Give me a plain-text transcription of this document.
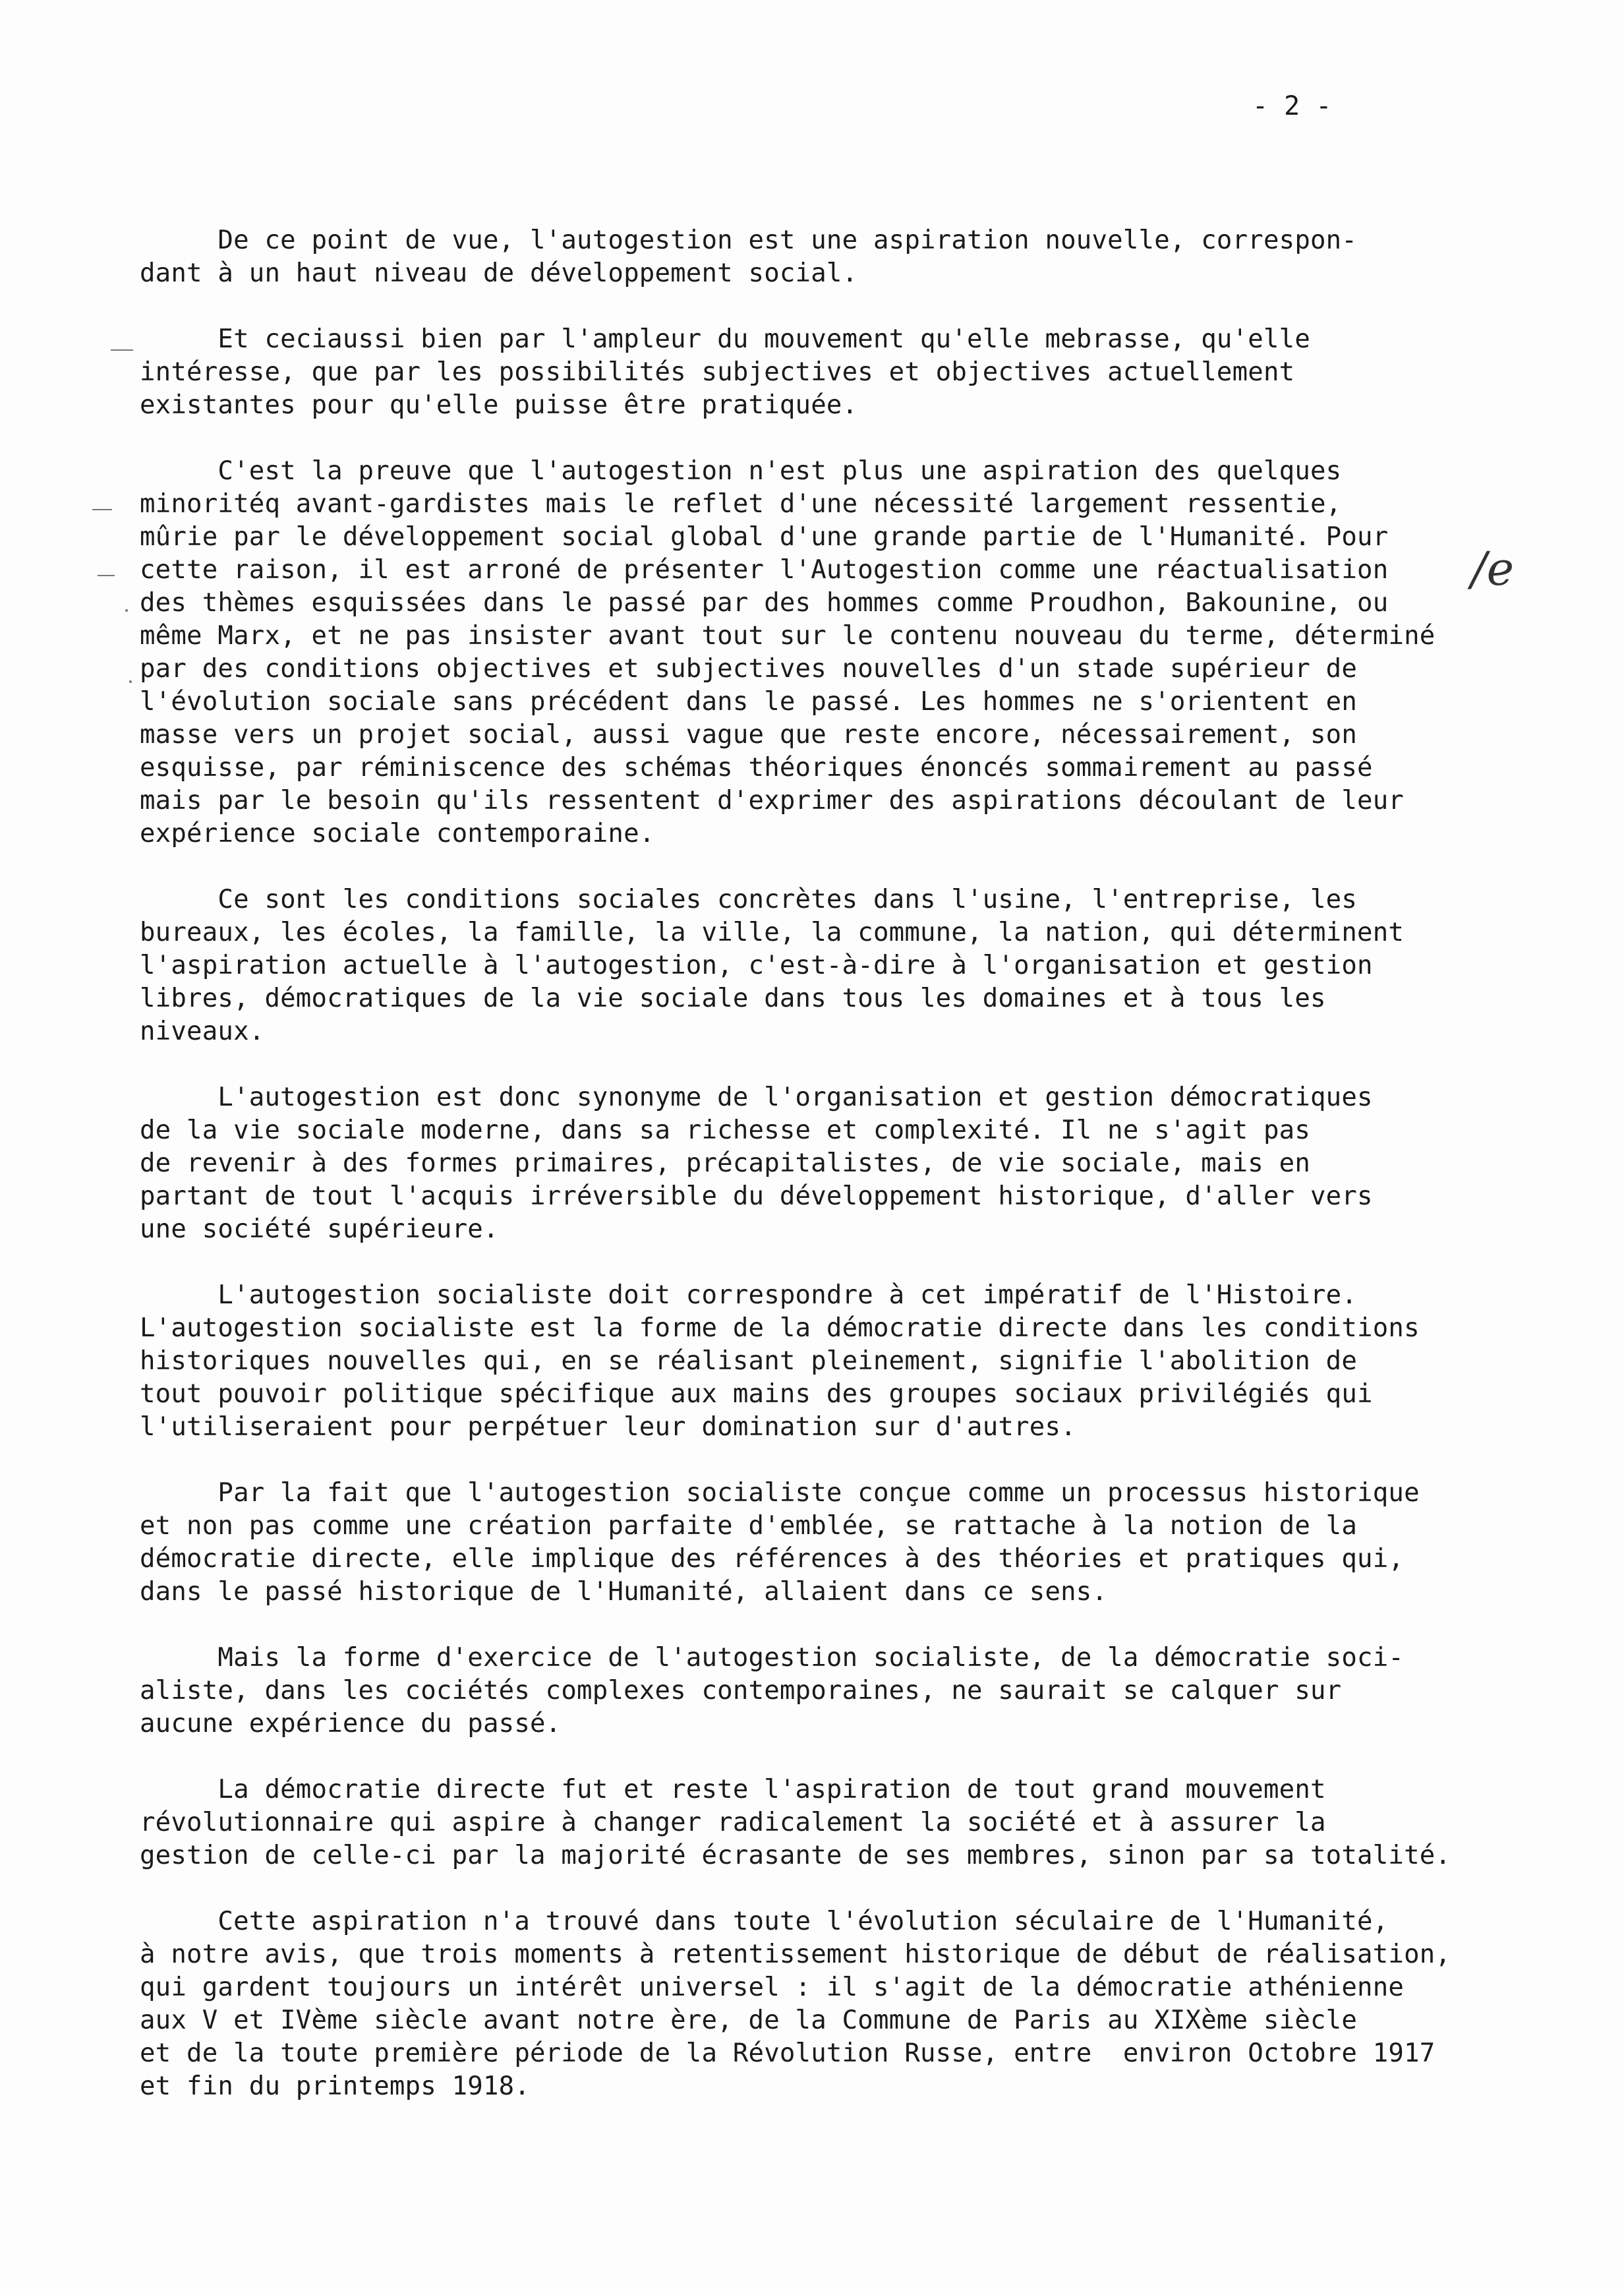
- 2 -
/e
De ce point de vue, l'autogestion est une aspiration nouvelle, correspon-
dant à un haut niveau de développement social.
Et ceciaussi bien par l'ampleur du mouvement qu'elle mebrasse, qu'elle
intéresse, que par les possibilités subjectives et objectives actuellement
existantes pour qu'elle puisse être pratiquée.
C'est la preuve que l'autogestion n'est plus une aspiration des quelques
minoritéq avant-gardistes mais le reflet d'une nécessité largement ressentie,
mûrie par le développement social global d'une grande partie de l'Humanité. Pour
cette raison, il est arroné de présenter l'Autogestion comme une réactualisation
des thèmes esquissées dans le passé par des hommes comme Proudhon, Bakounine, ou
même Marx, et ne pas insister avant tout sur le contenu nouveau du terme, déterminé
par des conditions objectives et subjectives nouvelles d'un stade supérieur de
l'évolution sociale sans précédent dans le passé. Les hommes ne s'orientent en
masse vers un projet social, aussi vague que reste encore, nécessairement, son
esquisse, par réminiscence des schémas théoriques énoncés sommairement au passé
mais par le besoin qu'ils ressentent d'exprimer des aspirations découlant de leur
expérience sociale contemporaine.
Ce sont les conditions sociales concrètes dans l'usine, l'entreprise, les
bureaux, les écoles, la famille, la ville, la commune, la nation, qui déterminent
l'aspiration actuelle à l'autogestion, c'est-à-dire à l'organisation et gestion
libres, démocratiques de la vie sociale dans tous les domaines et à tous les
niveaux.
L'autogestion est donc synonyme de l'organisation et gestion démocratiques
de la vie sociale moderne, dans sa richesse et complexité. Il ne s'agit pas
de revenir à des formes primaires, précapitalistes, de vie sociale, mais en
partant de tout l'acquis irréversible du développement historique, d'aller vers
une société supérieure.
L'autogestion socialiste doit correspondre à cet impératif de l'Histoire.
L'autogestion socialiste est la forme de la démocratie directe dans les conditions
historiques nouvelles qui, en se réalisant pleinement, signifie l'abolition de
tout pouvoir politique spécifique aux mains des groupes sociaux privilégiés qui
l'utiliseraient pour perpétuer leur domination sur d'autres.
Par la fait que l'autogestion socialiste conçue comme un processus historique
et non pas comme une création parfaite d'emblée, se rattache à la notion de la
démocratie directe, elle implique des références à des théories et pratiques qui,
dans le passé historique de l'Humanité, allaient dans ce sens.
Mais la forme d'exercice de l'autogestion socialiste, de la démocratie soci-
aliste, dans les cociétés complexes contemporaines, ne saurait se calquer sur
aucune expérience du passé.
La démocratie directe fut et reste l'aspiration de tout grand mouvement
révolutionnaire qui aspire à changer radicalement la société et à assurer la
gestion de celle-ci par la majorité écrasante de ses membres, sinon par sa totalité.
Cette aspiration n'a trouvé dans toute l'évolution séculaire de l'Humanité,
à notre avis, que trois moments à retentissement historique de début de réalisation,
qui gardent toujours un intérêt universel : il s'agit de la démocratie athénienne
aux V et IVème siècle avant notre ère, de la Commune de Paris au XIXème siècle
et de la toute première période de la Révolution Russe, entre  environ Octobre 1917
et fin du printemps 1918.
